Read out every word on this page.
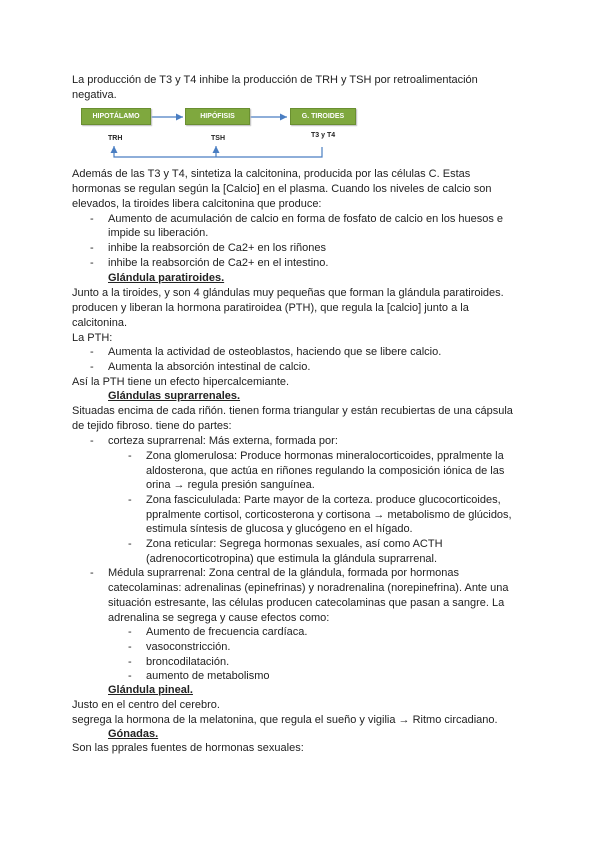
La producción de T3 y T4 inhibe la producción de TRH y TSH por retroalimentación
negativa.
HIPOTÁLAMO	HIPÓFISIS	G. TIROIDES
TRH	TSH	T3 y T4
Además de las T3 y T4, sintetiza la calcitonina, producida por las células C. Estas
hormonas se regulan según la [Calcio] en el plasma. Cuando los niveles de calcio son
elevados, la tiroides libera calcitonina que produce:
- Aumento de acumulación de calcio en forma de fosfato de calcio en los huesos e
impide su liberación.
- inhibe la reabsorción de Ca2+ en los riñones
- inhibe la reabsorción de Ca2+ en el intestino.
Glándula paratiroides.
Junto a la tiroides, y son 4 glándulas muy pequeñas que forman la glándula paratiroides.
producen y liberan la hormona paratiroidea (PTH), que regula la [calcio] junto a la
calcitonina.
La PTH:
- Aumenta la actividad de osteoblastos, haciendo que se libere calcio.
- Aumenta la absorción intestinal de calcio.
Así la PTH tiene un efecto hipercalcemiante.
Glándulas suprarrenales.
Situadas encima de cada riñón. tienen forma triangular y están recubiertas de una cápsula
de tejido fibroso. tiene do partes:
- corteza suprarrenal: Más externa, formada por:
- Zona glomerulosa: Produce hormonas mineralocorticoides, ppralmente la
aldosterona, que actúa en riñones regulando la composición iónica de las
orina → regula presión sanguínea.
- Zona fascicululada: Parte mayor de la corteza. produce glucocorticoides,
ppralmente cortisol, corticosterona y cortisona → metabolismo de glúcidos,
estimula síntesis de glucosa y glucógeno en el hígado.
- Zona reticular: Segrega hormonas sexuales, así como ACTH
(adrenocorticotropina) que estimula la glándula suprarrenal.
- Médula suprarrenal: Zona central de la glándula, formada por hormonas
catecolaminas: adrenalinas (epinefrinas) y noradrenalina (norepinefrina). Ante una
situación estresante, las células producen catecolaminas que pasan a sangre. La
adrenalina se segrega y cause efectos como:
- Aumento de frecuencia cardíaca.
- vasoconstricción.
- broncodilatación.
- aumento de metabolismo
Glándula pineal.
Justo en el centro del cerebro.
segrega la hormona de la melatonina, que regula el sueño y vigilia → Ritmo circadiano.
Gónadas.
Son las pprales fuentes de hormonas sexuales:
